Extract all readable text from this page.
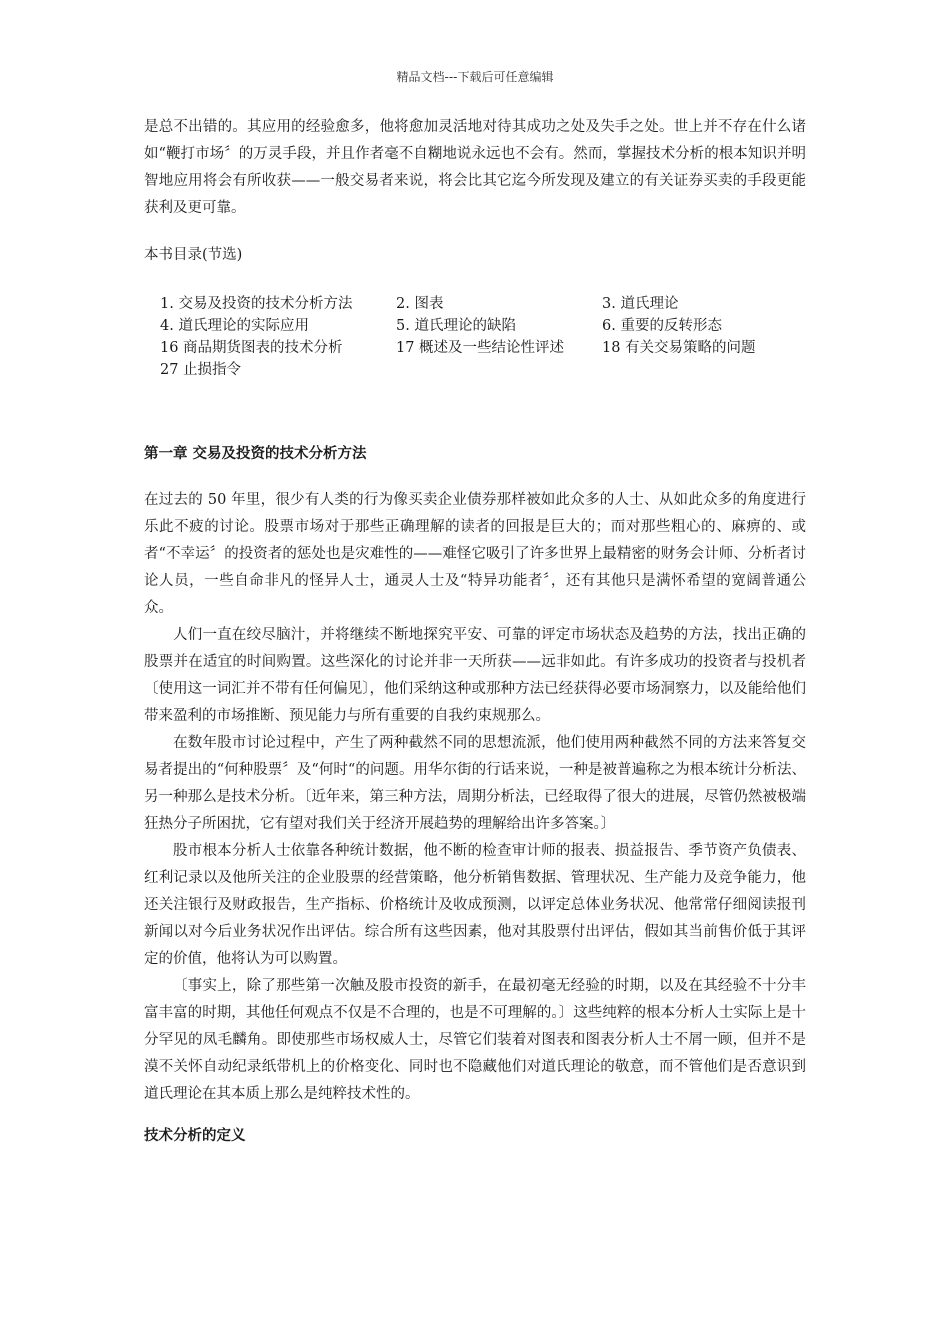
精品文档---下载后可任意编辑

是总不出错的。其应用的经验愈多，他将愈加灵活地对待其成功之处及失手之处。世上并不存在什么诸如“鞭打市场〞的万灵手段，并且作者毫不自糊地说永远也不会有。然而，掌握技术分析的根本知识并明智地应用将会有所收获——一般交易者来说，将会比其它迄今所发现及建立的有关证券买卖的手段更能获利及更可靠。

本书目录(节选)
1. 交易及投资的技术分析方法	2. 图表	3. 道氏理论
4. 道氏理论的实际应用	5. 道氏理论的缺陷	6. 重要的反转形态
16 商品期货图表的技术分析	17 概述及一些结论性评述	18 有关交易策略的问题
27 止损指令
第一章 交易及投资的技术分析方法

在过去的 50 年里，很少有人类的行为像买卖企业债券那样被如此众多的人士、从如此众多的角度进行乐此不疲的讨论。股票市场对于那些正确理解的读者的回报是巨大的；而对那些粗心的、麻痹的、或者“不幸运〞的投资者的惩处也是灾难性的——难怪它吸引了许多世界上最精密的财务会计师、分析者讨论人员，一些自命非凡的怪异人士，通灵人士及“特异功能者〞，还有其他只是满怀希望的宽阔普通公众。

人们一直在绞尽脑汁，并将继续不断地探究平安、可靠的评定市场状态及趋势的方法，找出正确的股票并在适宜的时间购置。这些深化的讨论并非一天所获——远非如此。有许多成功的投资者与投机者〔使用这一词汇并不带有任何偏见〕，他们采纳这种或那种方法已经获得必要市场洞察力，以及能给他们带来盈利的市场推断、预见能力与所有重要的自我约束规那么。

在数年股市讨论过程中，产生了两种截然不同的思想流派，他们使用两种截然不同的方法来答复交易者提出的“何种股票〞及“何时“的问题。用华尔街的行话来说，一种是被普遍称之为根本统计分析法、另一种那么是技术分析。〔近年来，第三种方法，周期分析法，已经取得了很大的进展，尽管仍然被极端狂热分子所困扰，它有望对我们关于经济开展趋势的理解给出许多答案。〕

股市根本分析人士依靠各种统计数据，他不断的检查审计师的报表、损益报告、季节资产负债表、红利记录以及他所关注的企业股票的经营策略，他分析销售数据、管理状况、生产能力及竞争能力，他还关注银行及财政报告，生产指标、价格统计及收成预测，以评定总体业务状况、他常常仔细阅读报刊新闻以对今后业务状况作出评估。综合所有这些因素，他对其股票付出评估，假如其当前售价低于其评定的价值，他将认为可以购置。

〔事实上，除了那些第一次触及股市投资的新手，在最初毫无经验的时期，以及在其经验不十分丰富丰富的时期，其他任何观点不仅是不合理的，也是不可理解的。〕这些纯粹的根本分析人士实际上是十分罕见的凤毛麟角。即使那些市场权威人士，尽管它们装着对图表和图表分析人士不屑一顾，但并不是漠不关怀自动纪录纸带机上的价格变化、同时也不隐藏他们对道氏理论的敬意，而不管他们是否意识到道氏理论在其本质上那么是纯粹技术性的。

技术分析的定义
